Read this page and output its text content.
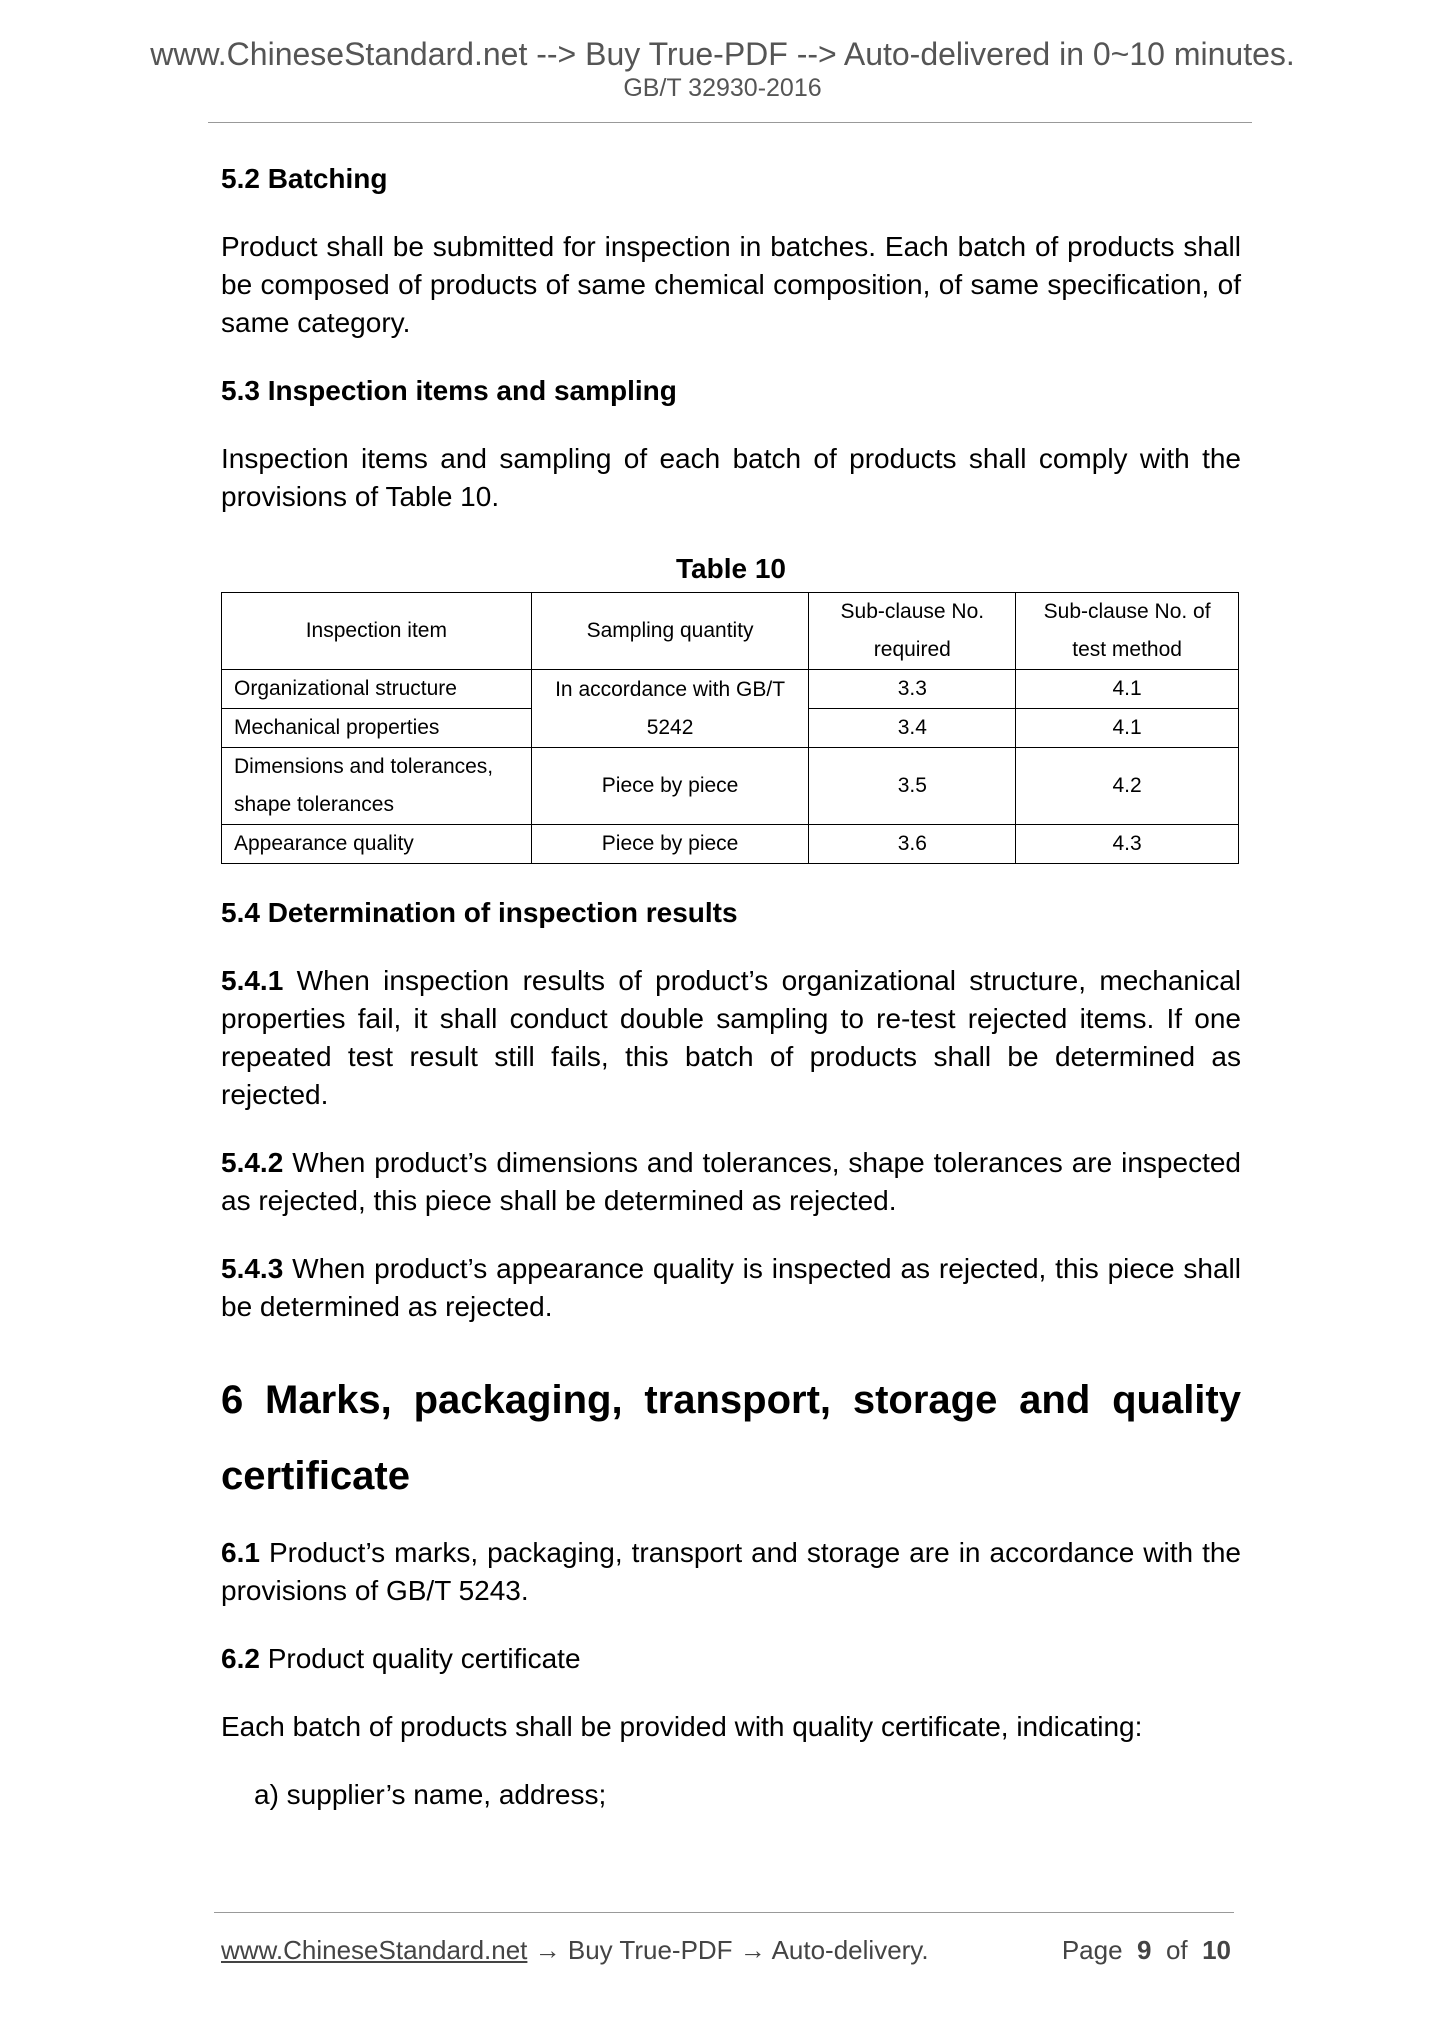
www.ChineseStandard.net --> Buy True-PDF --> Auto-delivered in 0~10 minutes.
GB/T 32930-2016

5.2 Batching

Product shall be submitted for inspection in batches. Each batch of products shall be composed of products of same chemical composition, of same specification, of same category.

5.3 Inspection items and sampling

Inspection items and sampling of each batch of products shall comply with the provisions of Table 10.

Table 10

Inspection item	Sampling quantity	Sub-clause No. required	Sub-clause No. of test method
Organizational structure	In accordance with GB/T 5242	3.3	4.1
Mechanical properties		3.4	4.1
Dimensions and tolerances, shape tolerances	Piece by piece	3.5	4.2
Appearance quality	Piece by piece	3.6	4.3

5.4 Determination of inspection results

5.4.1 When inspection results of product’s organizational structure, mechanical properties fail, it shall conduct double sampling to re-test rejected items. If one repeated test result still fails, this batch of products shall be determined as rejected.

5.4.2 When product’s dimensions and tolerances, shape tolerances are inspected as rejected, this piece shall be determined as rejected.

5.4.3 When product’s appearance quality is inspected as rejected, this piece shall be determined as rejected.

6 Marks, packaging, transport, storage and quality

certificate

6.1 Product’s marks, packaging, transport and storage are in accordance with the provisions of GB/T 5243.

6.2 Product quality certificate

Each batch of products shall be provided with quality certificate, indicating:

a) supplier’s name, address;

www.ChineseStandard.net → Buy True-PDF → Auto-delivery.	Page 9 of 10
